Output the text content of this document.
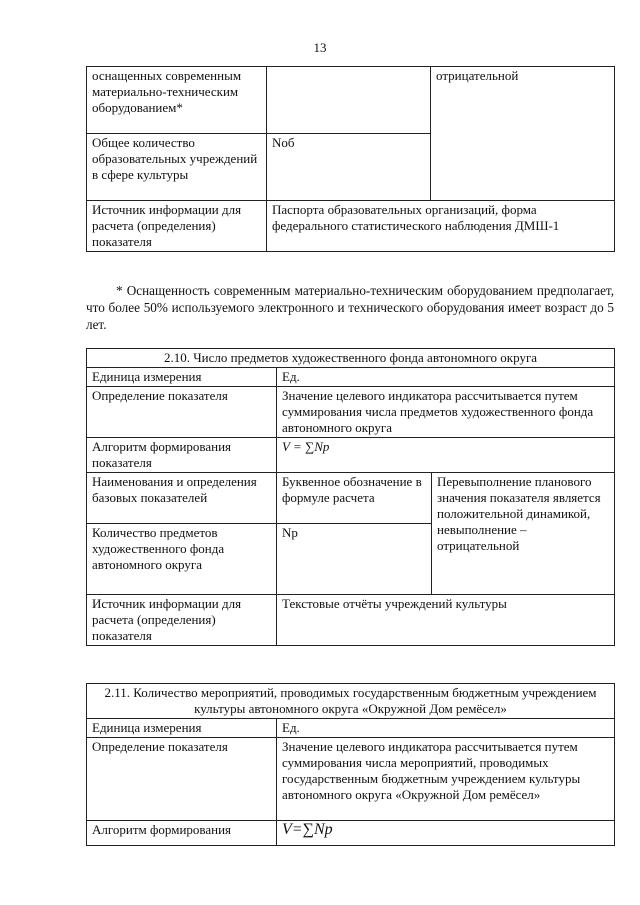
13
оснащенных современным материально-техническим оборудованием*		отрицательной
Общее количество образовательных учреждений в сфере культуры	Nоб	
Источник информации для расчета (определения) показателя	Паспорта образовательных организаций, форма федерального статистического наблюдения ДМШ-1	
* Оснащенность современным материально-техническим оборудованием предполагает, что более 50% используемого электронного и технического оборудования имеет возраст до 5 лет.
2.10. Число предметов художественного фонда автономного округа		
Единица измерения	Ед.	
Определение показателя	Значение целевого индикатора рассчитывается путем суммирования числа предметов художественного фонда автономного округа	
Алгоритм формирования показателя	V = ∑Np	
Наименования и определения базовых показателей	Буквенное обозначение в формуле расчета	Перевыполнение планового значения показателя является положительной динамикой, невыполнение – отрицательной
Количество предметов художественного фонда автономного округа	Np	
Источник информации для расчета (определения) показателя	Текстовые отчёты учреждений культуры	
2.11. Количество мероприятий, проводимых государственным бюджетным учреждением культуры автономного округа «Окружной Дом ремёсел»	
Единица измерения	Ед.
Определение показателя	Значение целевого индикатора рассчитывается путем суммирования числа мероприятий, проводимых государственным бюджетным учреждением культуры автономного округа «Окружной Дом ремёсел»
Алгоритм формирования	V=∑Np
